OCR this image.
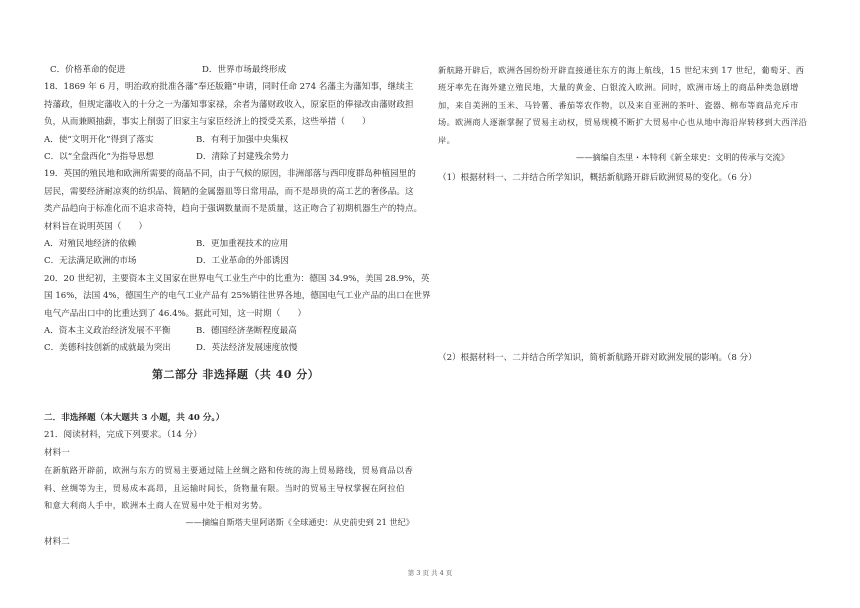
C．价格革命的促进	D．世界市场最终形成
18．1869 年 6 月，明治政府批准各藩“奉还版籍”申请，同时任命 274 名藩主为藩知事，继续主
持藩政，但规定藩收入的十分之一为藩知事家禄，余者为藩财政收入，原家臣的俸禄改由藩财政担
负，从而兼顾抽薪，事实上削弱了旧家主与家臣经济上的授受关系，这些举措（　　）
A．使“文明开化”得到了落实	B．有利于加强中央集权
C．以“全盘西化”为指导思想	D．清除了封建残余势力
19．英国的殖民地和欧洲所需要的商品不同，由于气候的原因，非洲部落与西印度群岛种植园里的
居民，需要经济耐凉爽的纺织品、简陋的金属器皿等日常用品，而不是昂贵的高工艺的奢侈品。这
类产品趋向于标准化而不追求奇特，趋向于强调数量而不是质量，这正吻合了初期机器生产的特点。
材料旨在说明英国（　　）
A．对殖民地经济的依赖	B．更加重视技术的应用
C．无法满足欧洲的市场	D．工业革命的外部诱因
20．20 世纪初，主要资本主义国家在世界电气工业生产中的比重为：德国 34.9%，美国 28.9%，英
国 16%，法国 4%，德国生产的电气工业产品有 25%销往世界各地，德国电气工业产品的出口在世界
电气产品出口中的比重达到了 46.4%。据此可知，这一时期（　　）
A．资本主义政治经济发展不平衡	B．德国经济垄断程度最高
C．美德科技创新的成就最为突出	D．英法经济发展速度放慢
第二部分 非选择题（共 40 分）
二．非选择题（本大题共 3 小题，共 40 分。）
21．阅读材料，完成下列要求。（14 分）
材料一
在新航路开辟前，欧洲与东方的贸易主要通过陆上丝绸之路和传统的海上贸易路线，贸易商品以香
料、丝绸等为主，贸易成本高昂，且运输时间长，货物量有限。当时的贸易主导权掌握在阿拉伯
和意大利商人手中，欧洲本土商人在贸易中处于相对劣势。
——摘编自斯塔夫里阿诺斯《全球通史：从史前史到 21 世纪》
材料二
新航路开辟后，欧洲各国纷纷开辟直接通往东方的海上航线，15 世纪末到 17 世纪，葡萄牙、西
班牙率先在海外建立殖民地，大量的黄金、白银流入欧洲。同时，欧洲市场上的商品种类急剧增
加，来自美洲的玉米、马铃薯、番茄等农作物，以及来自亚洲的茶叶、瓷器、棉布等商品充斥市
场。欧洲商人逐渐掌握了贸易主动权，贸易规模不断扩大贸易中心也从地中海沿岸转移到大西洋沿
岸。
——摘编自杰里・本特利《新全球史：文明的传承与交流》
（1）根据材料一、二并结合所学知识，概括新航路开辟后欧洲贸易的变化。（6 分）
（2）根据材料一、二并结合所学知识，简析新航路开辟对欧洲发展的影响。（8 分）
第 3 页 共 4 页
